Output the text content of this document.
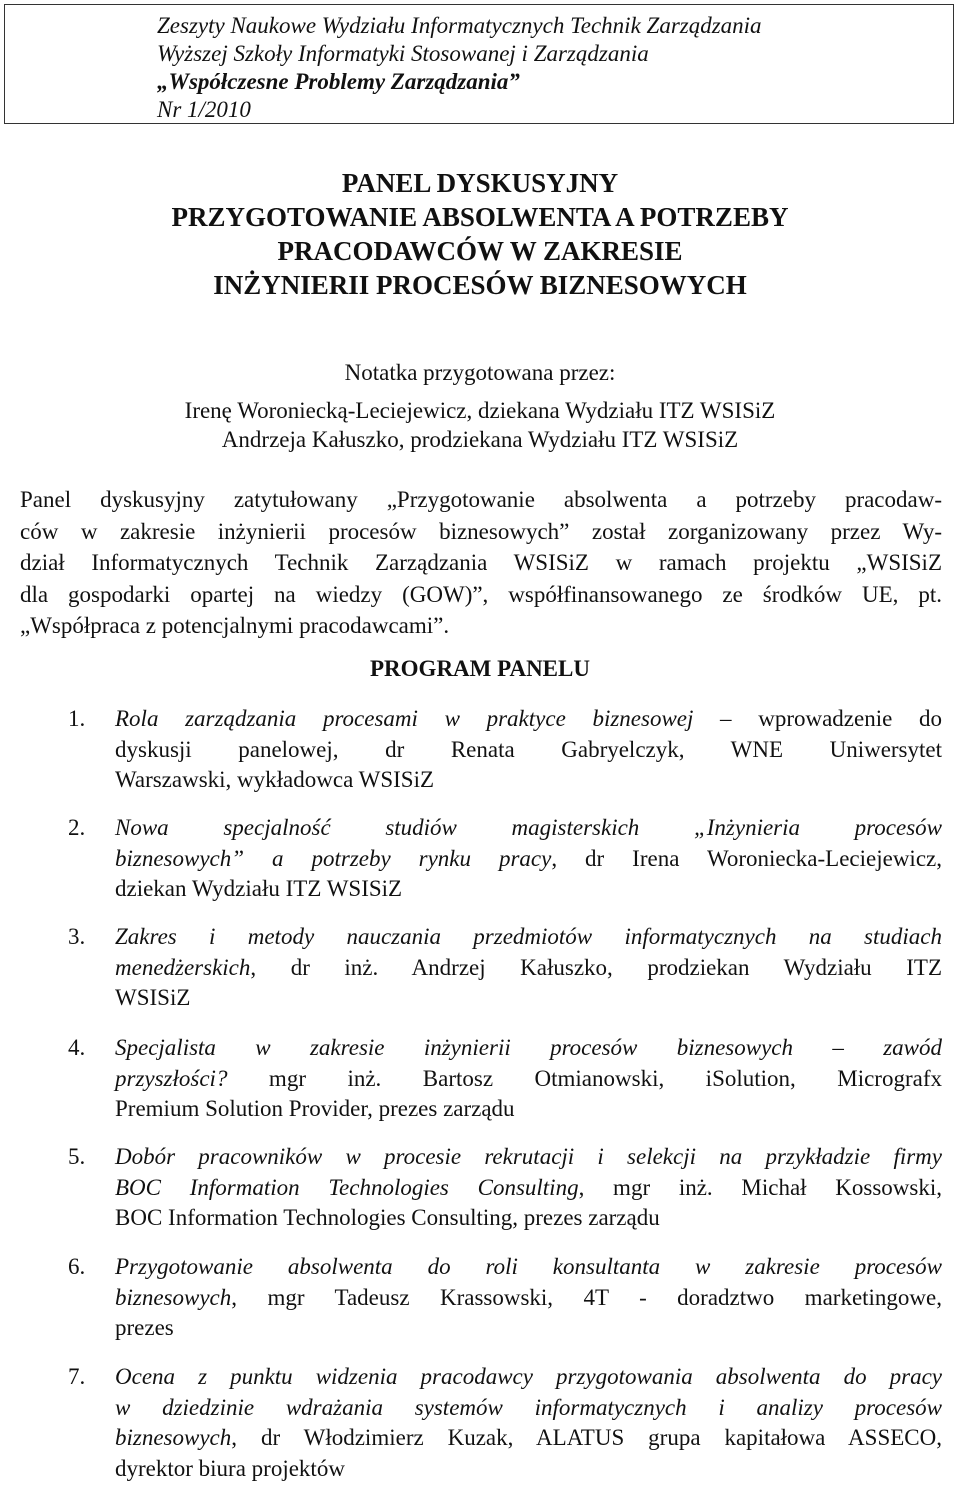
Zeszyty Naukowe Wydziału Informatycznych Technik Zarządzania
Wyższej Szkoły Informatyki Stosowanej i Zarządzania
„Współczesne Problemy Zarządzania”
Nr 1/2010
PANEL DYSKUSYJNY
PRZYGOTOWANIE ABSOLWENTA A POTRZEBY
PRACODAWCÓW W ZAKRESIE
INŻYNIERII PROCESÓW BIZNESOWYCH
Notatka przygotowana przez:
Irenę Woroniecką-Leciejewicz, dziekana Wydziału ITZ WSISiZ
Andrzeja Kałuszko, prodziekana Wydziału ITZ WSISiZ
Panel dyskusyjny zatytułowany „Przygotowanie absolwenta a potrzeby pracodaw-
ców w zakresie inżynierii procesów biznesowych” został zorganizowany przez Wy-
dział Informatycznych Technik Zarządzania WSISiZ w ramach projektu „WSISiZ
dla gospodarki opartej na wiedzy (GOW)”, współfinansowanego ze środków UE, pt.
„Współpraca z potencjalnymi pracodawcami”.
PROGRAM PANELU
1. Rola zarządzania procesami w praktyce biznesowej – wprowadzenie do
dyskusji panelowej, dr Renata Gabryelczyk, WNE Uniwersytet
Warszawski, wykładowca WSISiZ
2. Nowa specjalność studiów magisterskich „Inżynieria procesów
biznesowych” a potrzeby rynku pracy, dr Irena Woroniecka-Leciejewicz,
dziekan Wydziału ITZ WSISiZ
3. Zakres i metody nauczania przedmiotów informatycznych na studiach
menedżerskich, dr inż. Andrzej Kałuszko, prodziekan Wydziału ITZ
WSISiZ
4. Specjalista w zakresie inżynierii procesów biznesowych – zawód
przyszłości? mgr inż. Bartosz Otmianowski, iSolution, Micrografx
Premium Solution Provider, prezes zarządu
5. Dobór pracowników w procesie rekrutacji i selekcji na przykładzie firmy
BOC Information Technologies Consulting, mgr inż. Michał Kossowski,
BOC Information Technologies Consulting, prezes zarządu
6. Przygotowanie absolwenta do roli konsultanta w zakresie procesów
biznesowych, mgr Tadeusz Krassowski, 4T - doradztwo marketingowe,
prezes
7. Ocena z punktu widzenia pracodawcy przygotowania absolwenta do pracy
w dziedzinie wdrażania systemów informatycznych i analizy procesów
biznesowych, dr Włodzimierz Kuzak, ALATUS grupa kapitałowa ASSECO,
dyrektor biura projektów
